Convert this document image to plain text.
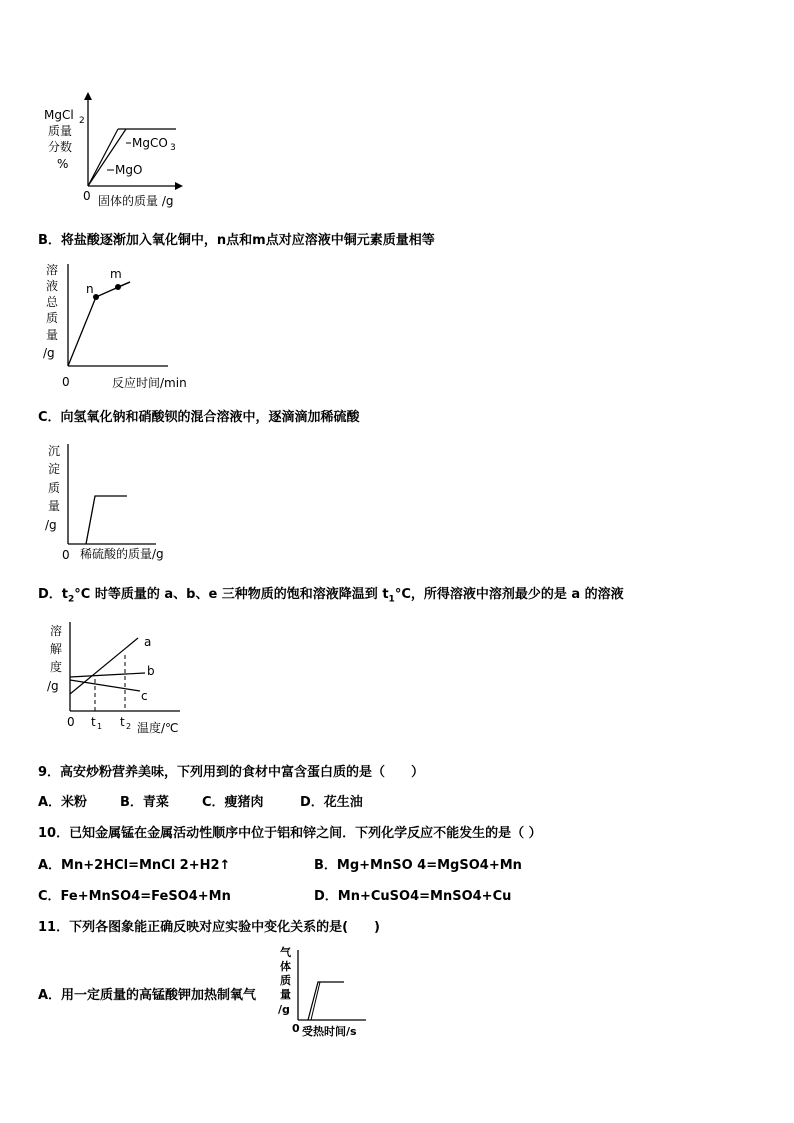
MgCl 2
质量
分数
%
0 固体的质量 /g
MgCO 3
MgO
B．将盐酸逐渐加入氧化铜中，n点和m点对应溶液中铜元素质量相等
n
m
溶
液
总
质
量
/g
0	反应时间/min
C．向氢氧化钠和硝酸钡的混合溶液中，逐滴滴加稀硫酸
沉
淀
质
量
/g
0 稀硫酸的质量/g
D．$t_2^\circ C$ 时等质量的 a、b、e 三种物质的饱和溶液降温到 $t_1^\circ C$，所得溶液中溶剂最少的是 a 的溶液
a
b
c
溶
解
度
/g
0 t 1 t 2 温度/℃
9．高安炒粉营养美味，下列用到的食材中富含蛋白质的是（　　）
A．米粉	B．青菜	C．瘦猪肉	D．花生油
10．已知金属锰在金属活动性顺序中位于铝和锌之间．下列化学反应不能发生的是（ ）
A．Mn+2HCl=MnCl 2+H2↑	B．Mg+MnSO 4=MgSO4+Mn
C．Fe+MnSO4=FeSO4+Mn	D．Mn+CuSO4=MnSO4+Cu
11．下列各图象能正确反映对应实验中变化关系的是(　　)
A．用一定质量的高锰酸钾加热制氧气
气
体
质
量
/g
0 受热时间/s
